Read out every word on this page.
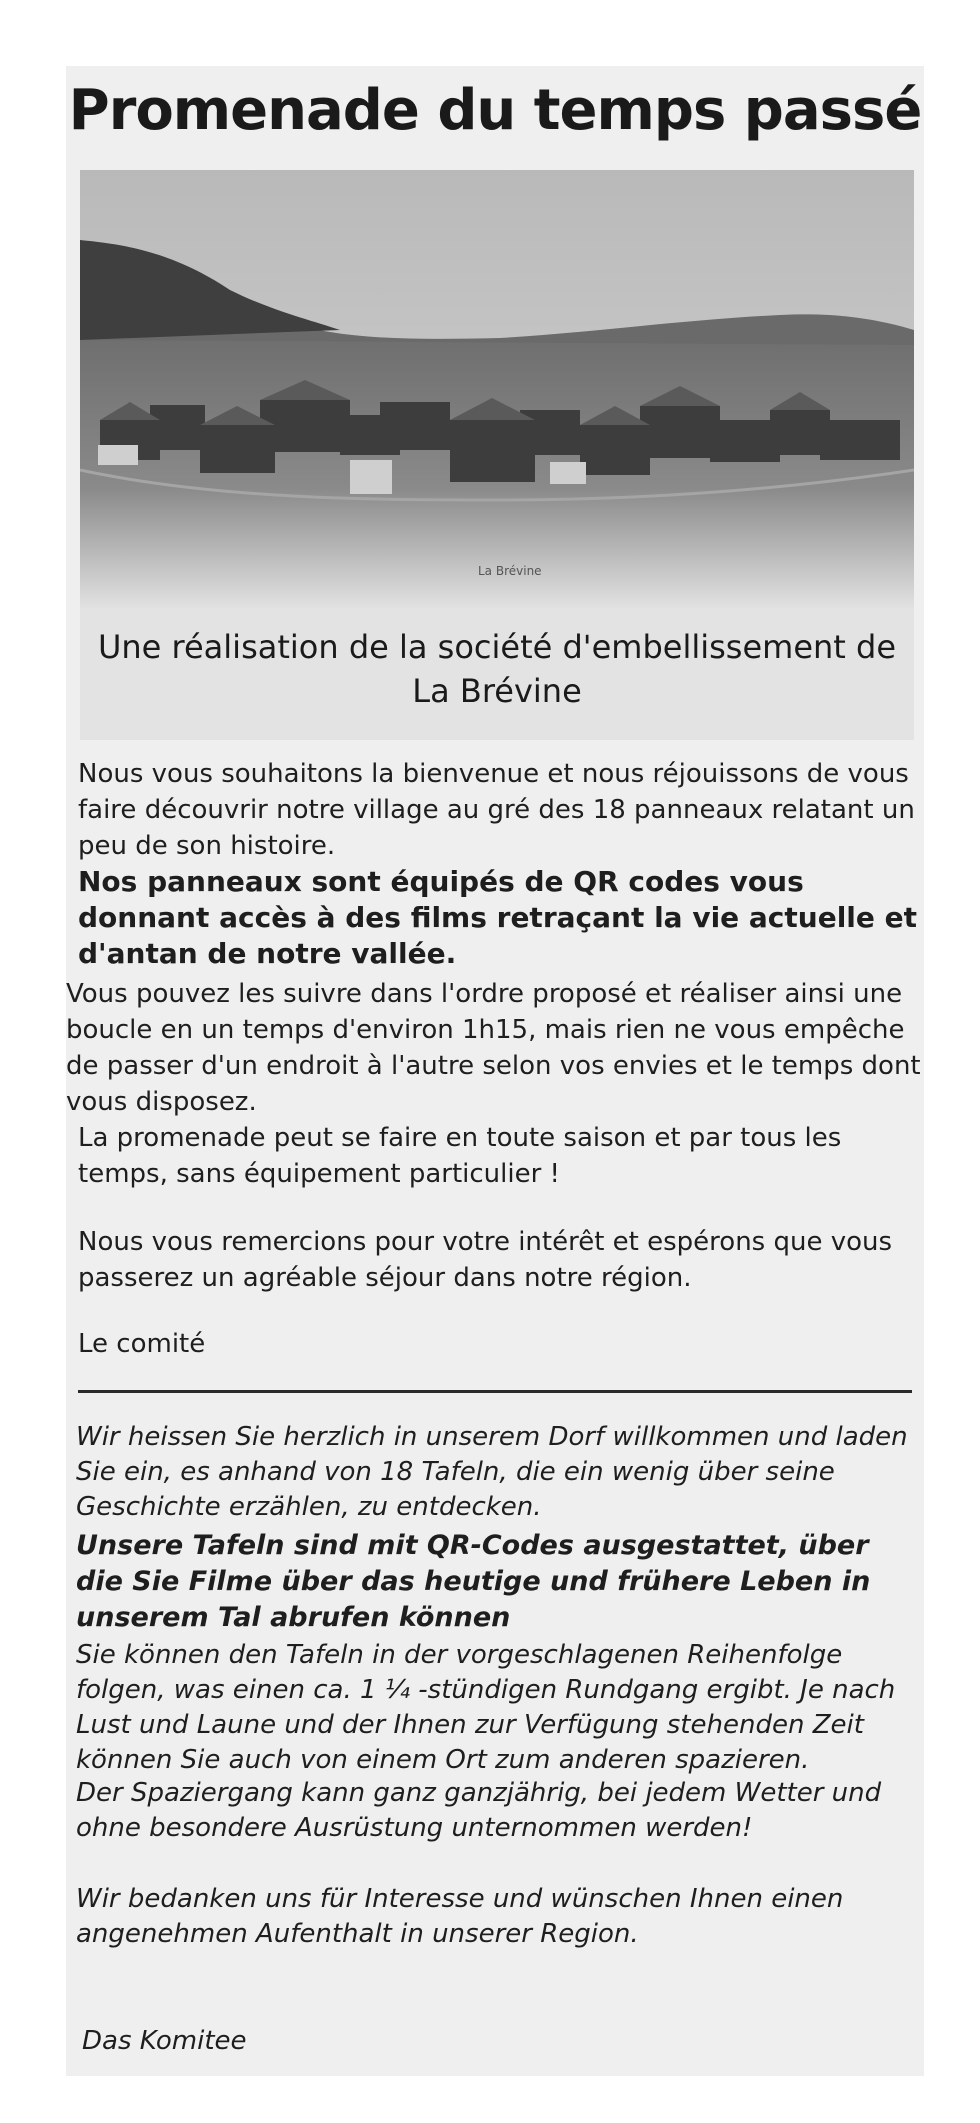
Promenade du temps passé
La Brévine
Une réalisation de la société d'embellissement de La Brévine

Nous vous souhaitons la bienvenue et nous réjouissons de vous faire découvrir notre village au gré des 18 panneaux relatant un peu de son histoire.

Nos panneaux sont équipés de QR codes vous donnant accès à des films retraçant la vie actuelle et d'antan de notre vallée.

Vous pouvez les suivre dans l'ordre proposé et réaliser ainsi une boucle en un temps d'environ 1h15, mais rien ne vous empêche de passer d'un endroit à l'autre selon vos envies et le temps dont vous disposez.

La promenade peut se faire en toute saison et par tous les temps, sans équipement particulier !

Nous vous remercions pour votre intérêt et espérons que vous passerez un agréable séjour dans notre région.

Le comité

Wir heissen Sie herzlich in unserem Dorf willkommen und laden Sie ein, es anhand von 18 Tafeln, die ein wenig über seine Geschichte erzählen, zu entdecken.

Unsere Tafeln sind mit QR-Codes ausgestattet, über die Sie Filme über das heutige und frühere Leben in unserem Tal abrufen können

Sie können den Tafeln in der vorgeschlagenen Reihenfolge folgen, was einen ca. 1 ¼ -stündigen Rundgang ergibt. Je nach Lust und Laune und der Ihnen zur Verfügung stehenden Zeit können Sie auch von einem Ort zum anderen spazieren.

Der Spaziergang kann ganz ganzjährig, bei jedem Wetter und ohne besondere Ausrüstung unternommen werden!

Wir bedanken uns für Interesse und wünschen Ihnen einen angenehmen Aufenthalt in unserer Region.

Das Komitee
